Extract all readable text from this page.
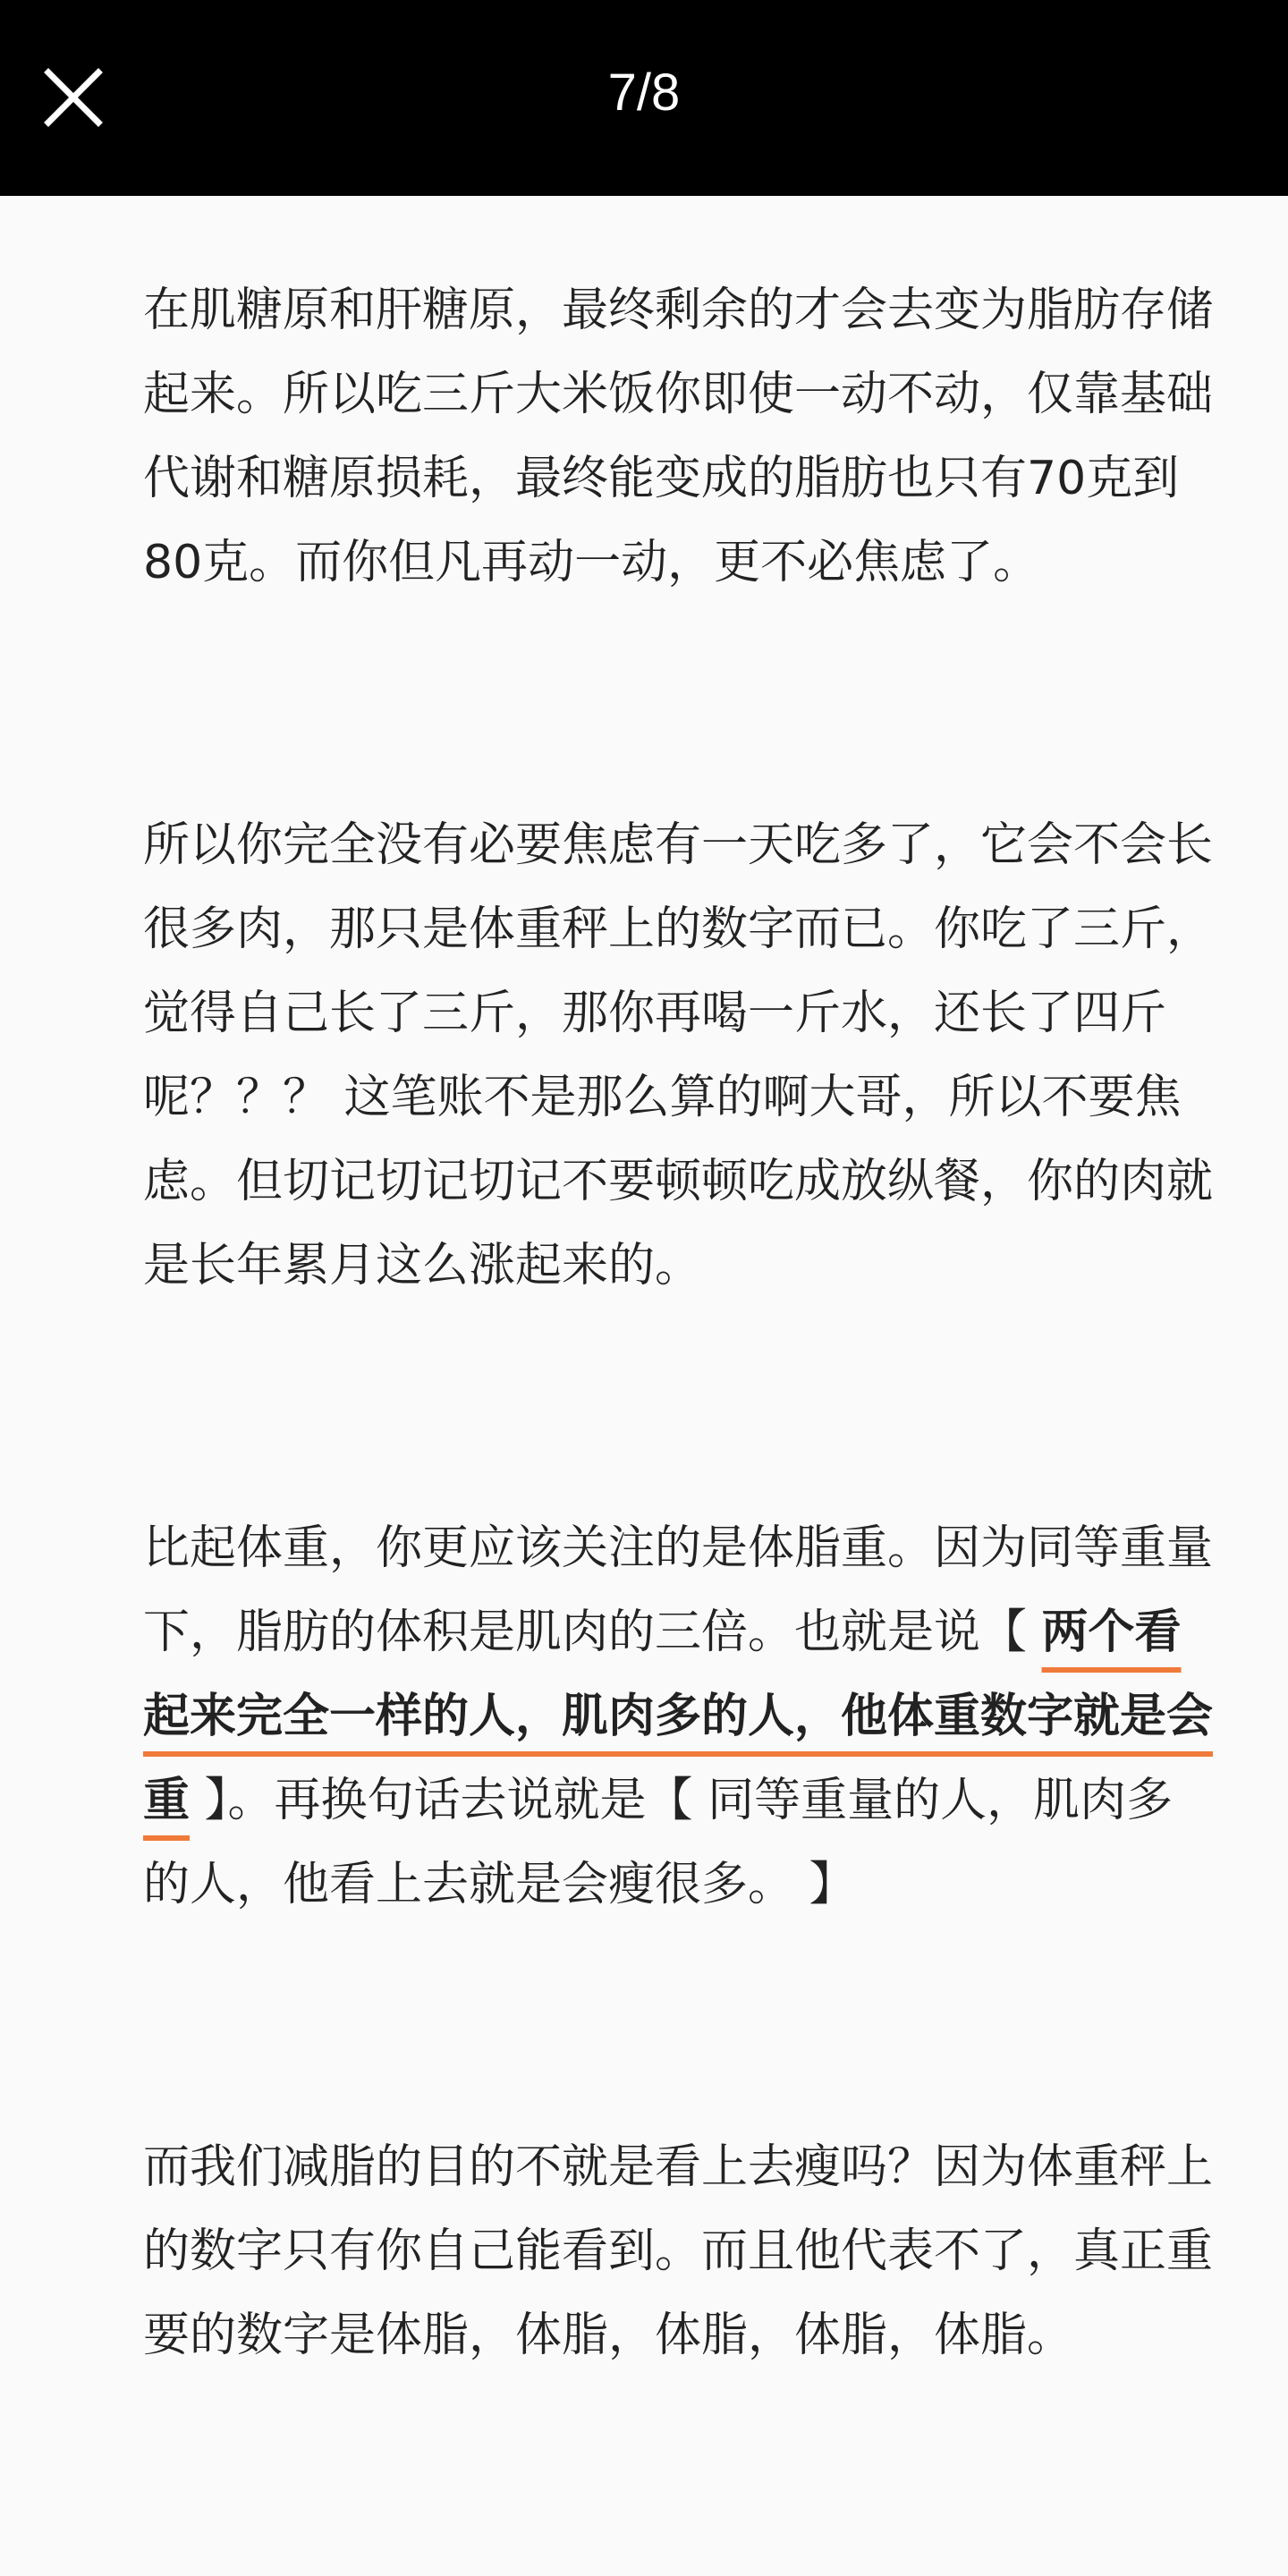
7/8

在肌糖原和肝糖原，最终剩余的才会去变为脂肪存储起来。所以吃三斤大米饭你即使一动不动，仅靠基础代谢和糖原损耗，最终能变成的脂肪也只有70克到80克。而你但凡再动一动，更不必焦虑了。

所以你完全没有必要焦虑有一天吃多了，它会不会长很多肉，那只是体重秤上的数字而已。你吃了三斤，觉得自己长了三斤，那你再喝一斤水，还长了四斤呢？？？ 这笔账不是那么算的啊大哥，所以不要焦虑。但切记切记切记不要顿顿吃成放纵餐，你的肉就是长年累月这么涨起来的。

比起体重，你更应该关注的是体脂重。因为同等重量下，脂肪的体积是肌肉的三倍。也就是说【 两个看起来完全一样的人，肌肉多的人，他体重数字就是会重 】。再换句话去说就是【 同等重量的人，肌肉多的人，他看上去就是会瘦很多。 】

而我们减脂的目的不就是看上去瘦吗？因为体重秤上的数字只有你自己能看到。而且他代表不了，真正重要的数字是体脂，体脂，体脂，体脂，体脂。
